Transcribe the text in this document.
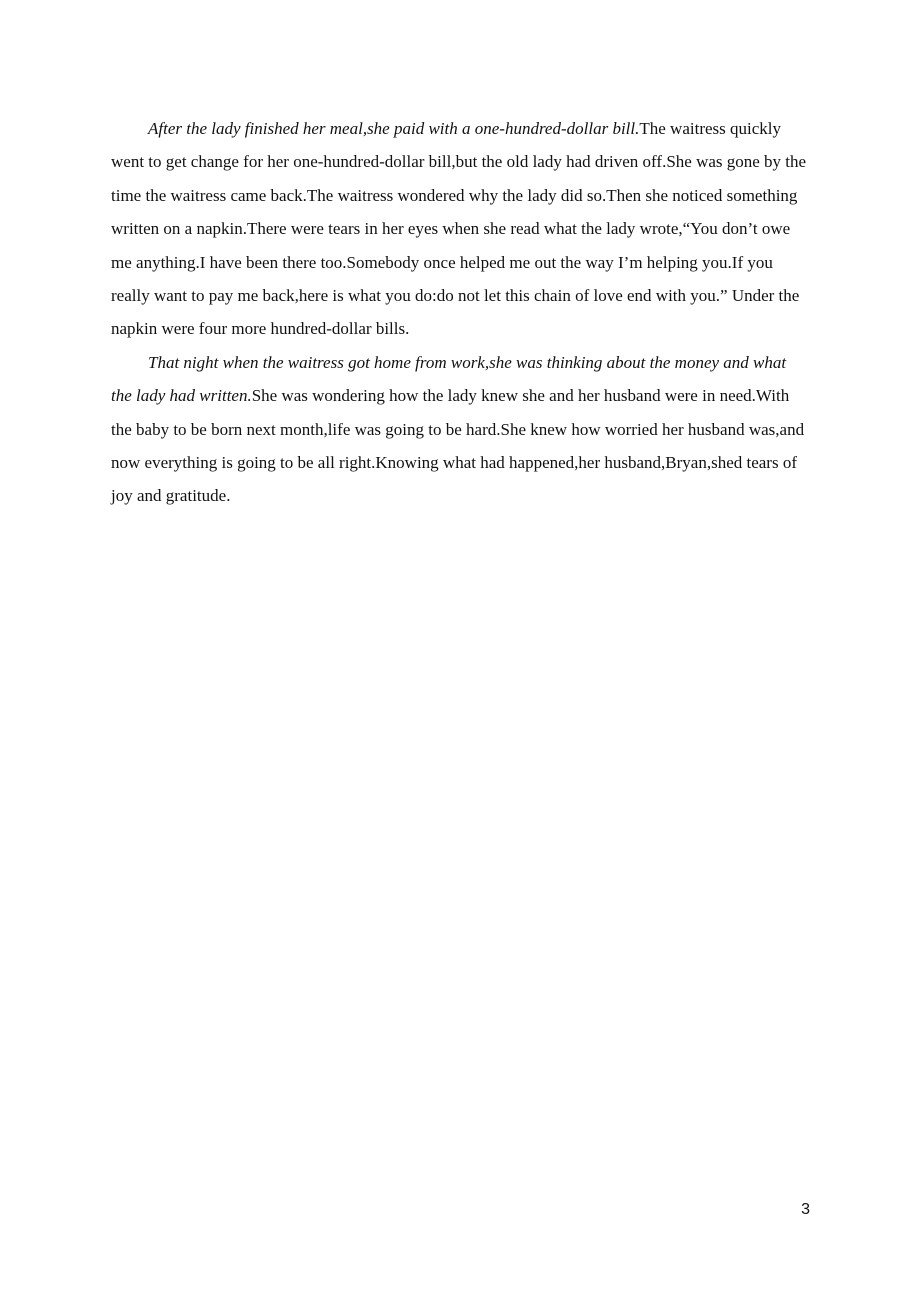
After the lady finished her meal,she paid with a one-hundred-dollar bill.The waitress quickly went to get change for her one-hundred-dollar bill,but the old lady had driven off.She was gone by the time the waitress came back.The waitress wondered why the lady did so.Then she noticed something written on a napkin.There were tears in her eyes when she read what the lady wrote,“You don’t owe me anything.I have been there too.Somebody once helped me out the way I’m helping you.If you really want to pay me back,here is what you do:do not let this chain of love end with you.” Under the napkin were four more hundred-dollar bills.

That night when the waitress got home from work,she was thinking about the money and what the lady had written.She was wondering how the lady knew she and her husband were in need.With the baby to be born next month,life was going to be hard.She knew how worried her husband was,and now everything is going to be all right.Knowing what had happened,her husband,Bryan,shed tears of joy and gratitude.

3
